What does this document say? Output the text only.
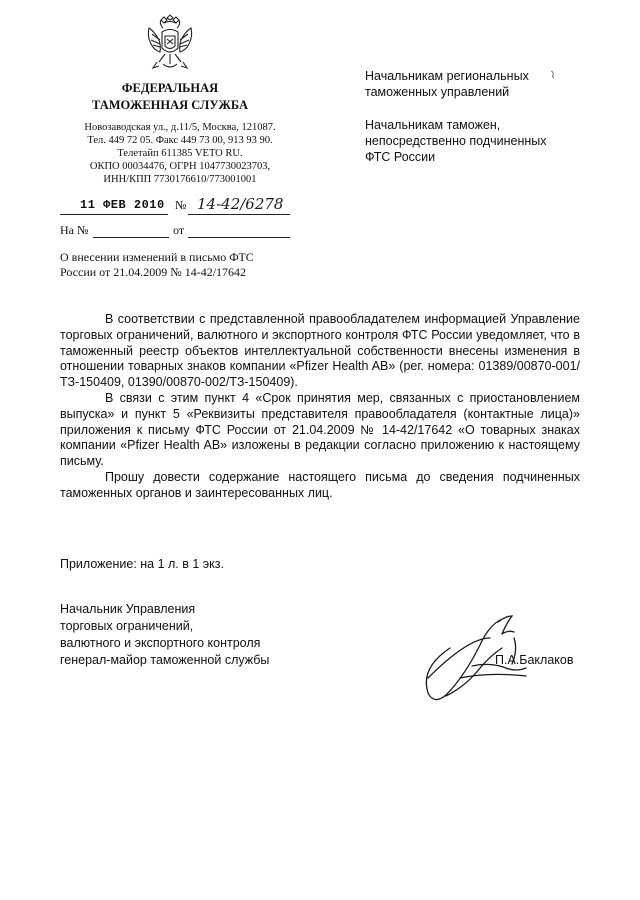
ФЕДЕРАЛЬНАЯ
ТАМОЖЕННАЯ СЛУЖБА
Новозаводская ул., д.11/5, Москва, 121087.
Тел. 449 72 05. Факс 449 73 00, 913 93 90.
Телетайп 611385 VETO RU.
ОКПО 00034476, ОГРН 1047730023703,
ИНН/КПП 7730176610/773001001
11 ФЕВ 2010 № 14-42/6278
На №	от
О внесении изменений в письмо ФТС
России от 21.04.2009 № 14-42/17642
Начальникам региональных
таможенных управлений
Начальникам таможен,
непосредственно подчиненных
ФТС России

В соответствии с представленной правообладателем информацией Управление торговых ограничений, валютного и экспортного контроля ФТС России уведомляет, что в таможенный реестр объектов интеллектуальной собственности внесены изменения в отношении товарных знаков компании «Pfizer Health AB» (рег. номера: 01389/00870-001/ТЗ-150409, 01390/00870-002/ТЗ-150409).

В связи с этим пункт 4 «Срок принятия мер, связанных с приостановлением выпуска» и пункт 5 «Реквизиты представителя правообладателя (контактные лица)» приложения к письму ФТС России от 21.04.2009 № 14-42/17642 «О товарных знаках компании «Pfizer Health AB» изложены в редакции согласно приложению к настоящему письму.

Прошу довести содержание настоящего письма до сведения подчиненных таможенных органов и заинтересованных лиц.

Приложение: на 1 л. в 1 экз.
Начальник Управления
торговых ограничений,
валютного и экспортного контроля
генерал-майор таможенной службы	П.А.Баклаков
